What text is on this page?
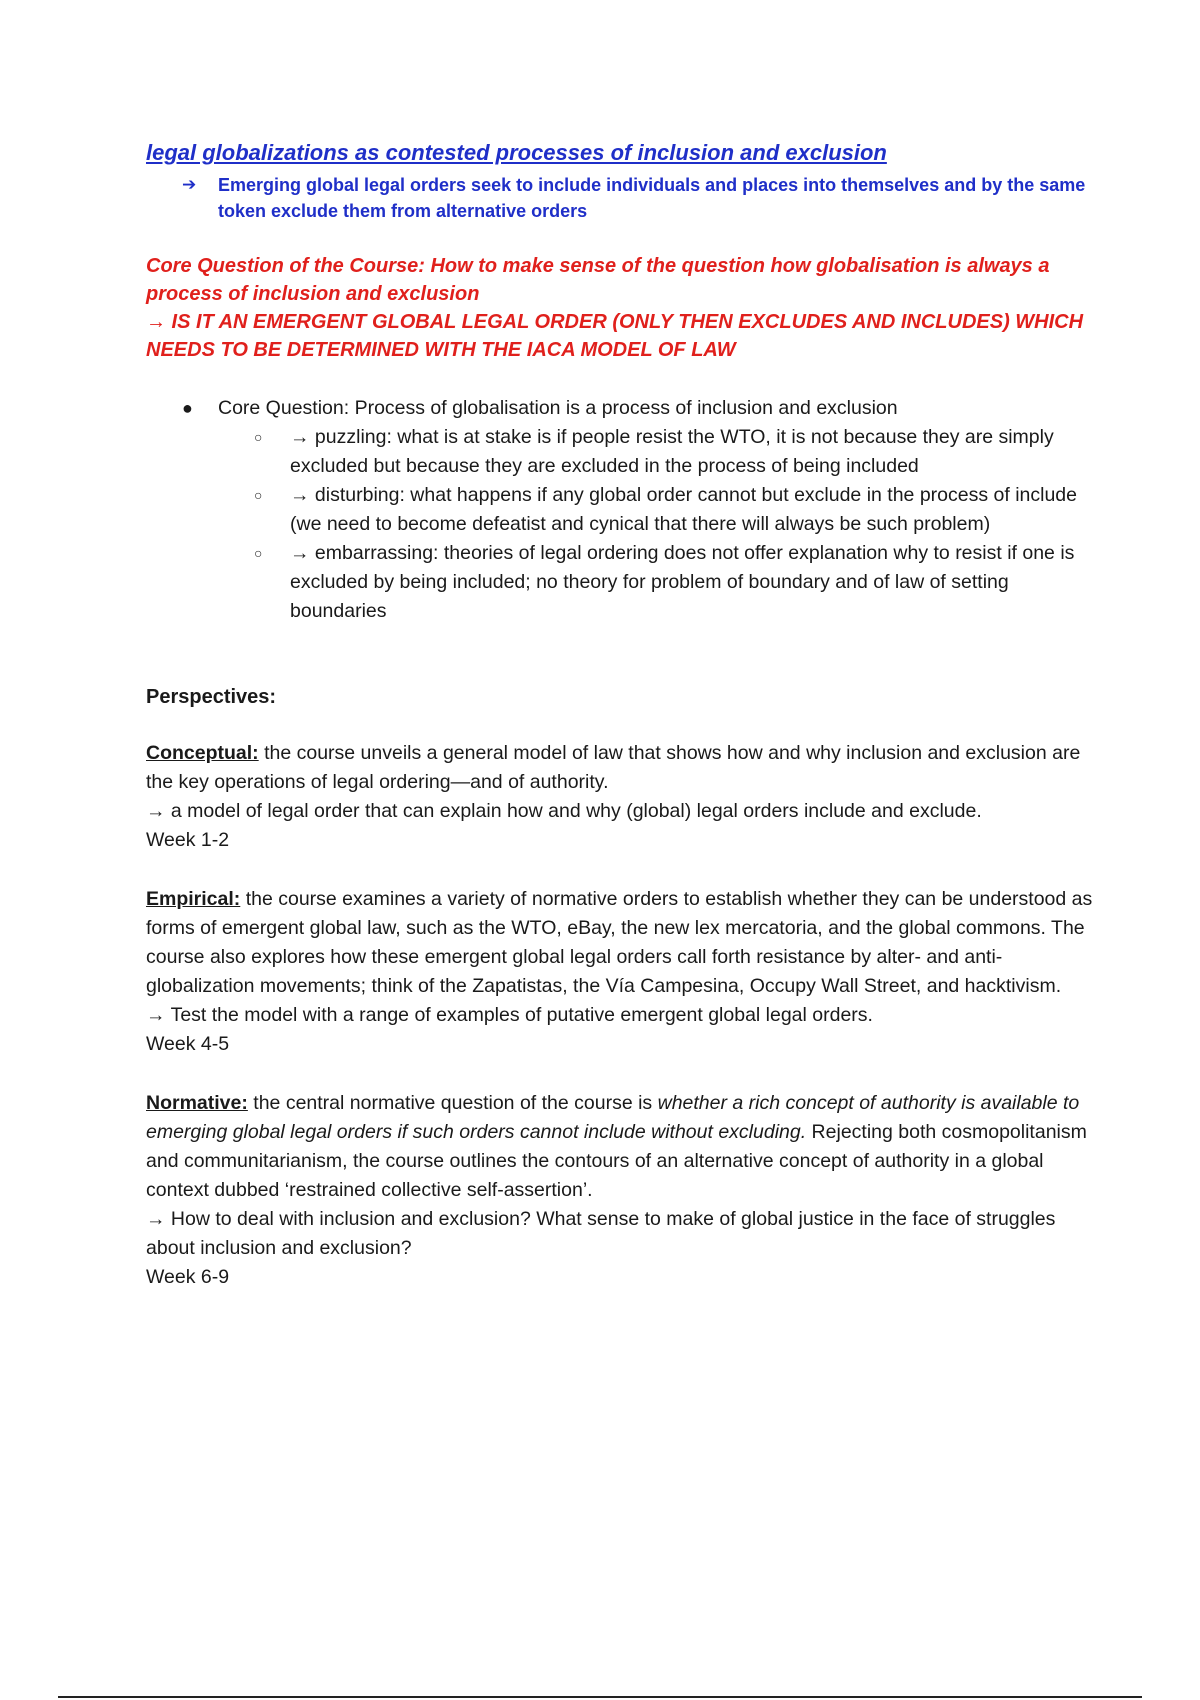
legal globalizations as contested processes of inclusion and exclusion

➔	Emerging global legal orders seek to include individuals and places into themselves and by the same token exclude them from alternative orders

Core Question of the Course: How to make sense of the question how globalisation is always a process of inclusion and exclusion

→ IS IT AN EMERGENT GLOBAL LEGAL ORDER (ONLY THEN EXCLUDES AND INCLUDES) WHICH NEEDS TO BE DETERMINED WITH THE IACA MODEL OF LAW

●	Core Question: Process of globalisation is a process of inclusion and exclusion
○	→ puzzling: what is at stake is if people resist the WTO, it is not because they are simply excluded but because they are excluded in the process of being included
○	→ disturbing: what happens if any global order cannot but exclude in the process of include (we need to become defeatist and cynical that there will always be such problem)
○	→ embarrassing: theories of legal ordering does not offer explanation why to resist if one is excluded by being included; no theory for problem of boundary and of law of setting boundaries
Perspectives:

Conceptual: the course unveils a general model of law that shows how and why inclusion and exclusion are the key operations of legal ordering—and of authority.

→ a model of legal order that can explain how and why (global) legal orders include and exclude.

Week 1-2

Empirical: the course examines a variety of normative orders to establish whether they can be understood as forms of emergent global law, such as the WTO, eBay, the new lex mercatoria, and the global commons. The course also explores how these emergent global legal orders call forth resistance by alter- and anti-globalization movements; think of the Zapatistas, the Vía Campesina, Occupy Wall Street, and hacktivism.

→ Test the model with a range of examples of putative emergent global legal orders.

Week 4-5

Normative: the central normative question of the course is whether a rich concept of authority is available to emerging global legal orders if such orders cannot include without excluding. Rejecting both cosmopolitanism and communitarianism, the course outlines the contours of an alternative concept of authority in a global context dubbed ‘restrained collective self-assertion’.

→ How to deal with inclusion and exclusion? What sense to make of global justice in the face of struggles about inclusion and exclusion?

Week 6-9
